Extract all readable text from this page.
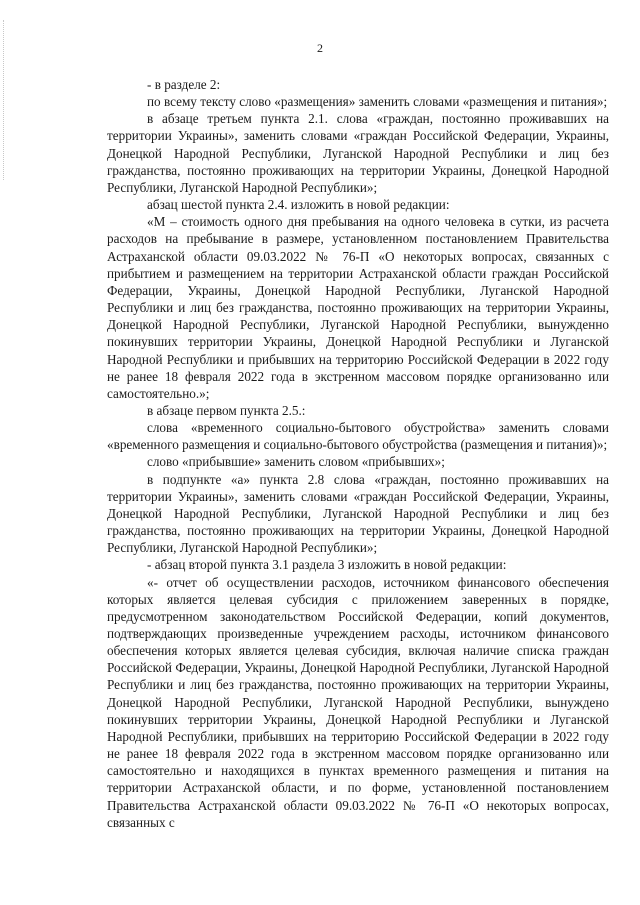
2

- в разделе 2:

по всему тексту слово «размещения» заменить словами «размещения и питания»;

в абзаце третьем пункта 2.1. слова «граждан, постоянно проживавших на территории Украины», заменить словами «граждан Российской Федерации, Украины, Донецкой Народной Республики, Луганской Народной Республики и лиц без гражданства, постоянно проживающих на территории Украины, Донецкой Народной Республики, Луганской Народной Республики»;

абзац шестой пункта 2.4. изложить в новой редакции:

«М – стоимость одного дня пребывания на одного человека в сутки, из расчета расходов на пребывание в размере, установленном постановлением Правительства Астраханской области 09.03.2022 № 76-П «О некоторых вопросах, связанных с прибытием и размещением на территории Астраханской области граждан Российской Федерации, Украины, Донецкой Народной Республики, Луганской Народной Республики и лиц без гражданства, постоянно проживающих на территории Украины, Донецкой Народной Республики, Луганской Народной Республики, вынужденно покинувших территории Украины, Донецкой Народной Республики и Луганской Народной Республики и прибывших на территорию Российской Федерации в 2022 году не ранее 18 февраля 2022 года в экстренном массовом порядке организованно или самостоятельно.»;

в абзаце первом пункта 2.5.:

слова «временного социально-бытового обустройства» заменить словами «временного размещения и социально-бытового обустройства (размещения и питания)»;

слово «прибывшие» заменить словом «прибывших»;

в подпункте «а» пункта 2.8 слова «граждан, постоянно проживавших на территории Украины», заменить словами «граждан Российской Федерации, Украины, Донецкой Народной Республики, Луганской Народной Республики и лиц без гражданства, постоянно проживающих на территории Украины, Донецкой Народной Республики, Луганской Народной Республики»;

- абзац второй пункта 3.1 раздела 3 изложить в новой редакции:

«- отчет об осуществлении расходов, источником финансового обеспечения которых является целевая субсидия с приложением заверенных в порядке, предусмотренном законодательством Российской Федерации, копий документов, подтверждающих произведенные учреждением расходы, источником финансового обеспечения которых является целевая субсидия, включая наличие списка граждан Российской Федерации, Украины, Донецкой Народной Республики, Луганской Народной Республики и лиц без гражданства, постоянно проживающих на территории Украины, Донецкой Народной Республики, Луганской Народной Республики, вынуждено покинувших территории Украины, Донецкой Народной Республики и Луганской Народной Республики, прибывших на территорию Российской Федерации в 2022 году не ранее 18 февраля 2022 года в экстренном массовом порядке организованно или самостоятельно и находящихся в пунктах временного размещения и питания на территории Астраханской области, и по форме, установленной постановлением Правительства Астраханской области 09.03.2022 № 76-П «О некоторых вопросах, связанных с
